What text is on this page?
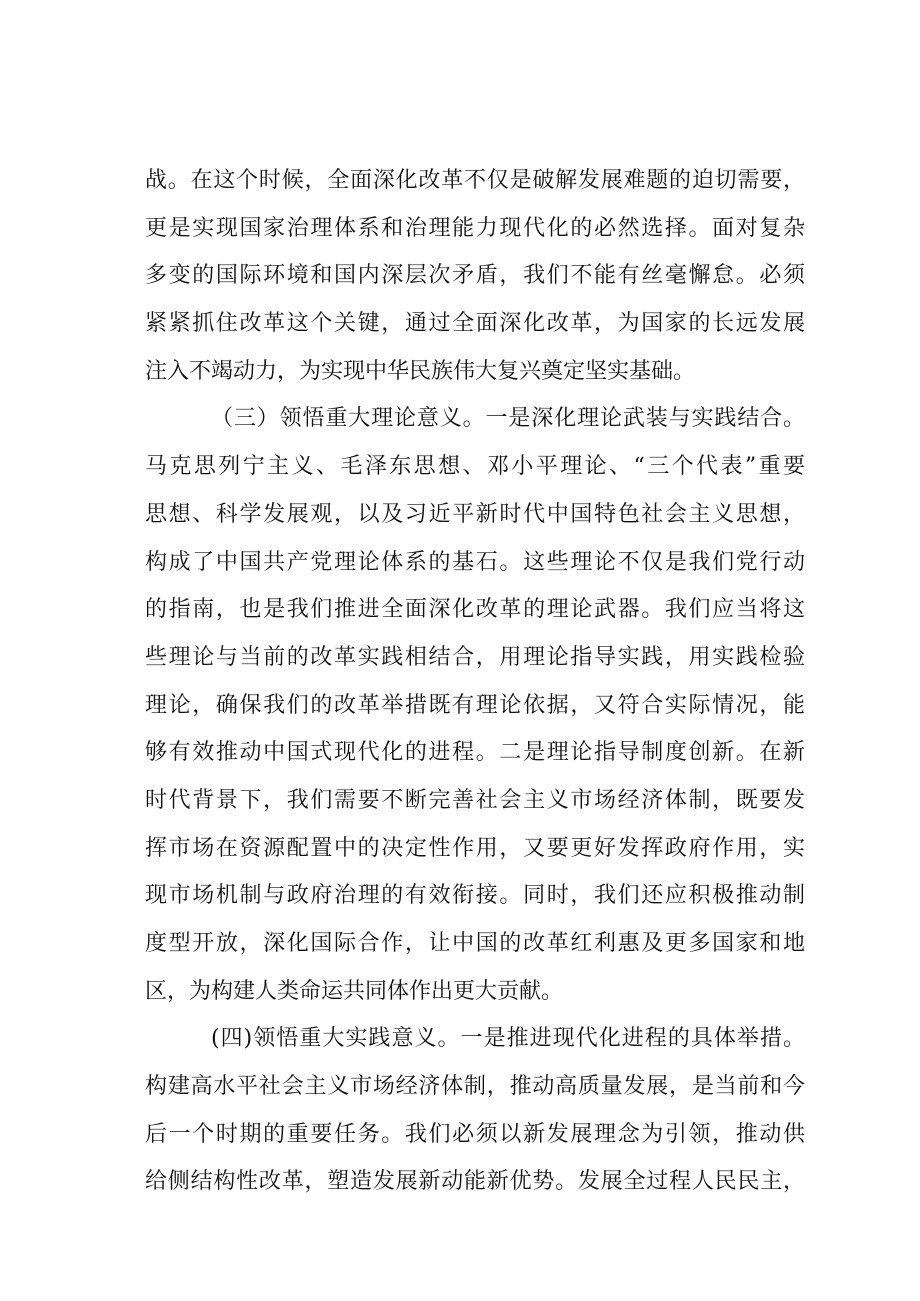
战。在这个时候，全面深化改革不仅是破解发展难题的迫切需要，
更是实现国家治理体系和治理能力现代化的必然选择。面对复杂
多变的国际环境和国内深层次矛盾，我们不能有丝毫懈怠。必须
紧紧抓住改革这个关键，通过全面深化改革，为国家的长远发展
注入不竭动力，为实现中华民族伟大复兴奠定坚实基础。
（三）领悟重大理论意义。一是深化理论武装与实践结合。
马克思列宁主义、毛泽东思想、邓小平理论、“三个代表”重要
思想、科学发展观，以及习近平新时代中国特色社会主义思想，
构成了中国共产党理论体系的基石。这些理论不仅是我们党行动
的指南，也是我们推进全面深化改革的理论武器。我们应当将这
些理论与当前的改革实践相结合，用理论指导实践，用实践检验
理论，确保我们的改革举措既有理论依据，又符合实际情况，能
够有效推动中国式现代化的进程。二是理论指导制度创新。在新
时代背景下，我们需要不断完善社会主义市场经济体制，既要发
挥市场在资源配置中的决定性作用，又要更好发挥政府作用，实
现市场机制与政府治理的有效衔接。同时，我们还应积极推动制
度型开放，深化国际合作，让中国的改革红利惠及更多国家和地
区，为构建人类命运共同体作出更大贡献。
(四)领悟重大实践意义。一是推进现代化进程的具体举措。
构建高水平社会主义市场经济体制，推动高质量发展，是当前和今
后一个时期的重要任务。我们必须以新发展理念为引领，推动供
给侧结构性改革，塑造发展新动能新优势。发展全过程人民民主，
